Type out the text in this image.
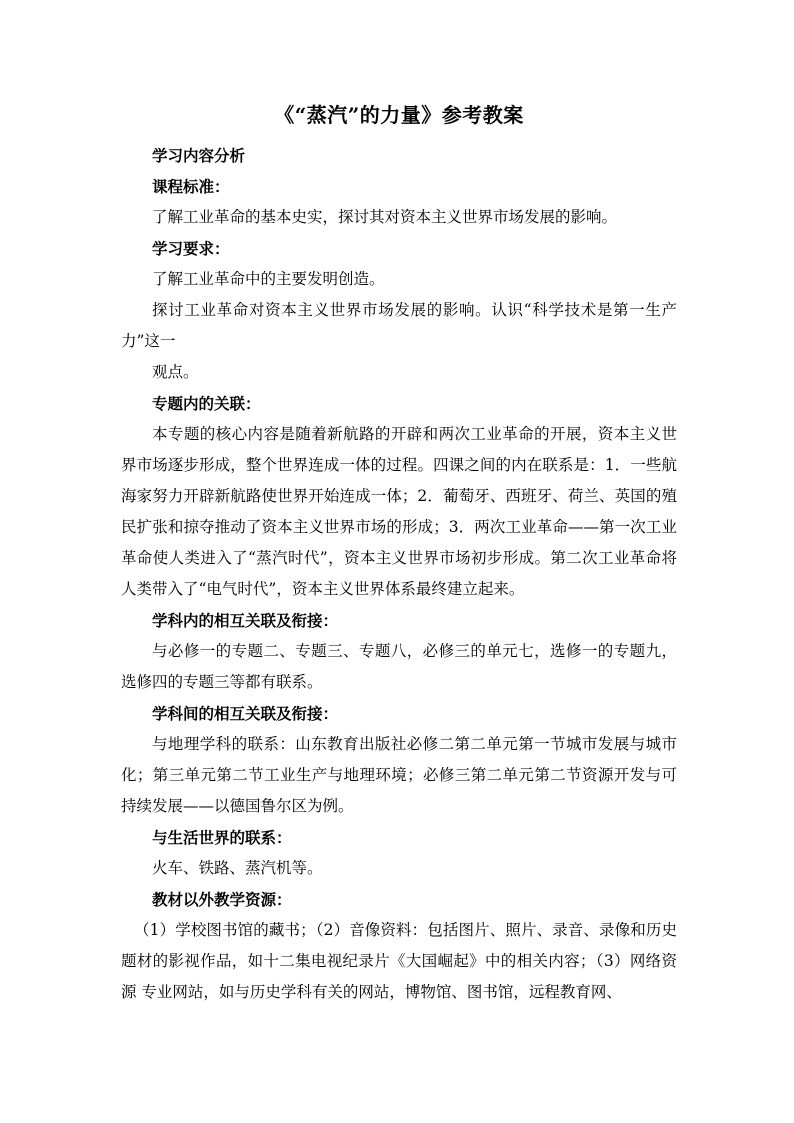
《“蒸汽”的力量》参考教案

学习内容分析

课程标准：

了解工业革命的基本史实，探讨其对资本主义世界市场发展的影响。

学习要求：

了解工业革命中的主要发明创造。

探讨工业革命对资本主义世界市场发展的影响。认识“科学技术是第一生产力”这一

观点。

专题内的关联：

本专题的核心内容是随着新航路的开辟和两次工业革命的开展，资本主义世界市场逐步形成，整个世界连成一体的过程。四课之间的内在联系是：1．一些航海家努力开辟新航路使世界开始连成一体；2．葡萄牙、西班牙、荷兰、英国的殖民扩张和掠夺推动了资本主义世界市场的形成；3．两次工业革命——第一次工业革命使人类进入了“蒸汽时代”，资本主义世界市场初步形成。第二次工业革命将人类带入了“电气时代”，资本主义世界体系最终建立起来。

学科内的相互关联及衔接：

与必修一的专题二、专题三、专题八，必修三的单元七，选修一的专题九，选修四的专题三等都有联系。

学科间的相互关联及衔接：

与地理学科的联系：山东教育出版社必修二第二单元第一节城市发展与城市化；第三单元第二节工业生产与地理环境；必修三第二单元第二节资源开发与可持续发展——以德国鲁尔区为例。

与生活世界的联系：

火车、铁路、蒸汽机等。

教材以外教学资源：

（1）学校图书馆的藏书；（2）音像资料：包括图片、照片、录音、录像和历史题材的影视作品，如十二集电视纪录片《大国崛起》中的相关内容；（3）网络资源 专业网站，如与历史学科有关的网站，博物馆、图书馆，远程教育网、
